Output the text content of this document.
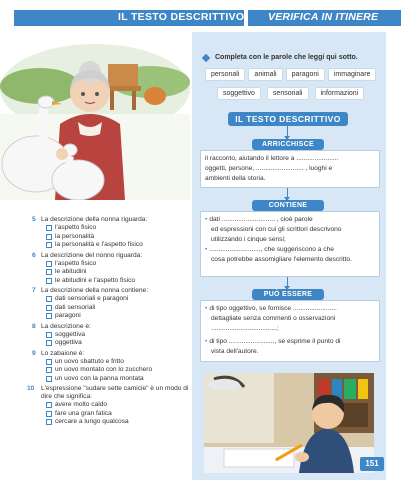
IL TESTO DESCRITTIVO VERIFICA IN ITINERE
Completa con le parole che leggi qui sotto.
personali	animali	paragoni	immaginare
soggettivo	sensoriali	informazioni
IL TESTO DESCRITTIVO
ARRICCHISCE
il racconto, aiutando il lettore a .......................
oggetti, persone, .......................... , luoghi e
ambienti della storia.
CONTIENE
• dati ............................. , cioè parole
ed espressioni con cui gli scrittori descrivono
utilizzando i cinque sensi;
• ............................, che suggeriscono a che
cosa potrebbe assomigliare l'elemento descritto.
PUÒ ESSERE
• di tipo oggettivo, se fornisce ........................
dettagliate senza commenti o osservazioni
....................................;
• di tipo ........................., se esprime il punto di
vista dell'autore.
5 La descrizione della nonna riguarda:
l'aspetto fisico
la personalità
la personalità e l'aspetto fisico
6 La descrizione del nonno riguarda:
l'aspetto fisico
le abitudini
le abitudini e l'aspetto fisico
7 La descrizione della nonna contiene:
dati sensoriali e paragoni
dati sensoriali
paragoni
8 La descrizione è:
soggettiva
oggettiva
9 Lo zabaione è:
un uovo sbattuto e fritto
un uovo montato con lo zucchero
un uovo con la panna montata
10	L'espressione "sudare sette camicie" è un modo di dire che significa:
avere molto caldo
fare una gran fatica
cercare a lungo qualcosa
151
